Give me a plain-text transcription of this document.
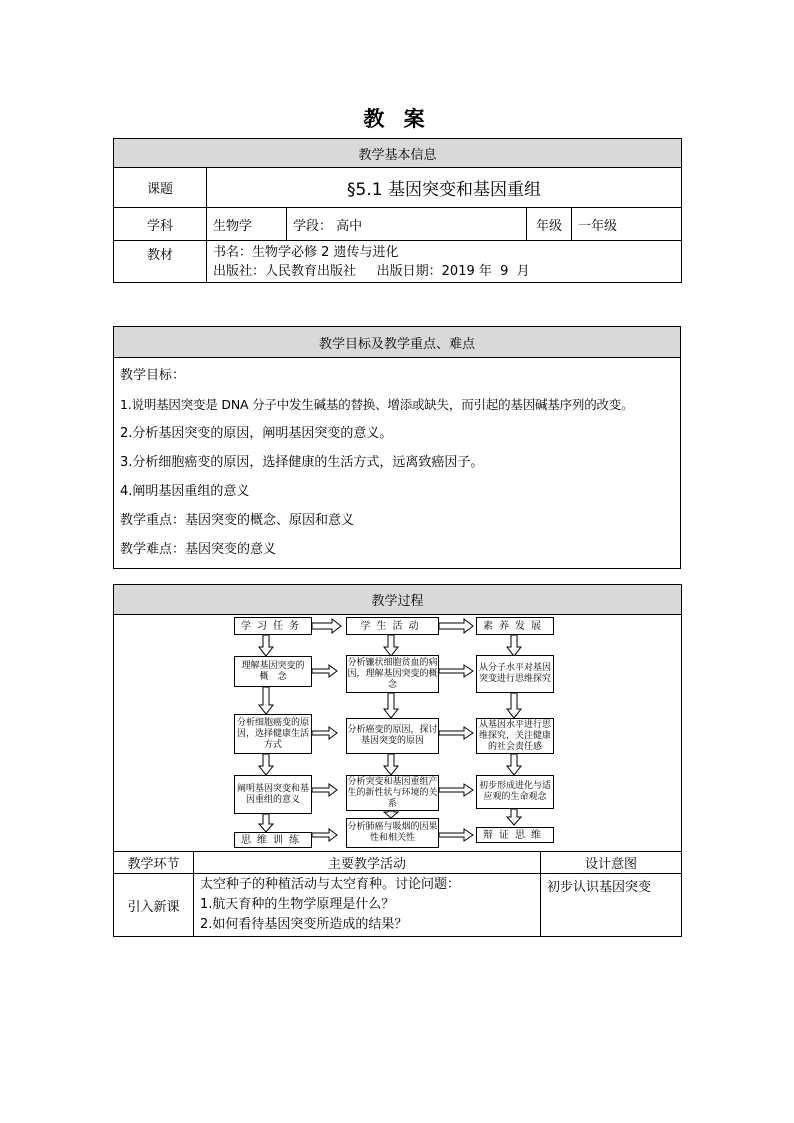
教 案
教学基本信息				
课题	§5.1 基因突变和基因重组			
学科	生物学	学段： 高中	年级	一年级
教材	书名：生物学必修 2 遗传与进化
出版社：人民教育出版社     出版日期：2019 年  9  月			
教学目标及教学重点、难点

教学目标：
1.说明基因突变是 DNA 分子中发生碱基的替换、增添或缺失，而引起的基因碱基序列的改变。
2.分析基因突变的原因，阐明基因突变的意义。
3.分析细胞癌变的原因，选择健康的生活方式，远离致癌因子。
4.阐明基因重组的意义
教学重点：基因突变的概念、原因和意义
教学难点：基因突变的意义
教学过程		

教学环节	主要教学活动	设计意图
引入新课	太空种子的种植活动与太空育种。讨论问题：
1.航天育种的生物学原理是什么？
2.如何看待基因突变所造成的结果？	初步认识基因突变
学习任务	学生活动	素养发展
理解基因突变的　概　念
分析镰状细胞贫血的病因，理解基因突变的概念
从分子水平对基因突变进行思维探究
分析细胞癌变的原因，选择健康生活方式
分析癌变的原因，探讨基因突变的原因
从基因水平进行思维探究，关注健康的社会责任感
阐明基因突变和基因重组的意义
分析突变和基因重组产生的新性状与环境的关系
初步形成进化与适应观的生命观念
思维训练
分析肺癌与吸烟的因果性和相关性	辩证思维
